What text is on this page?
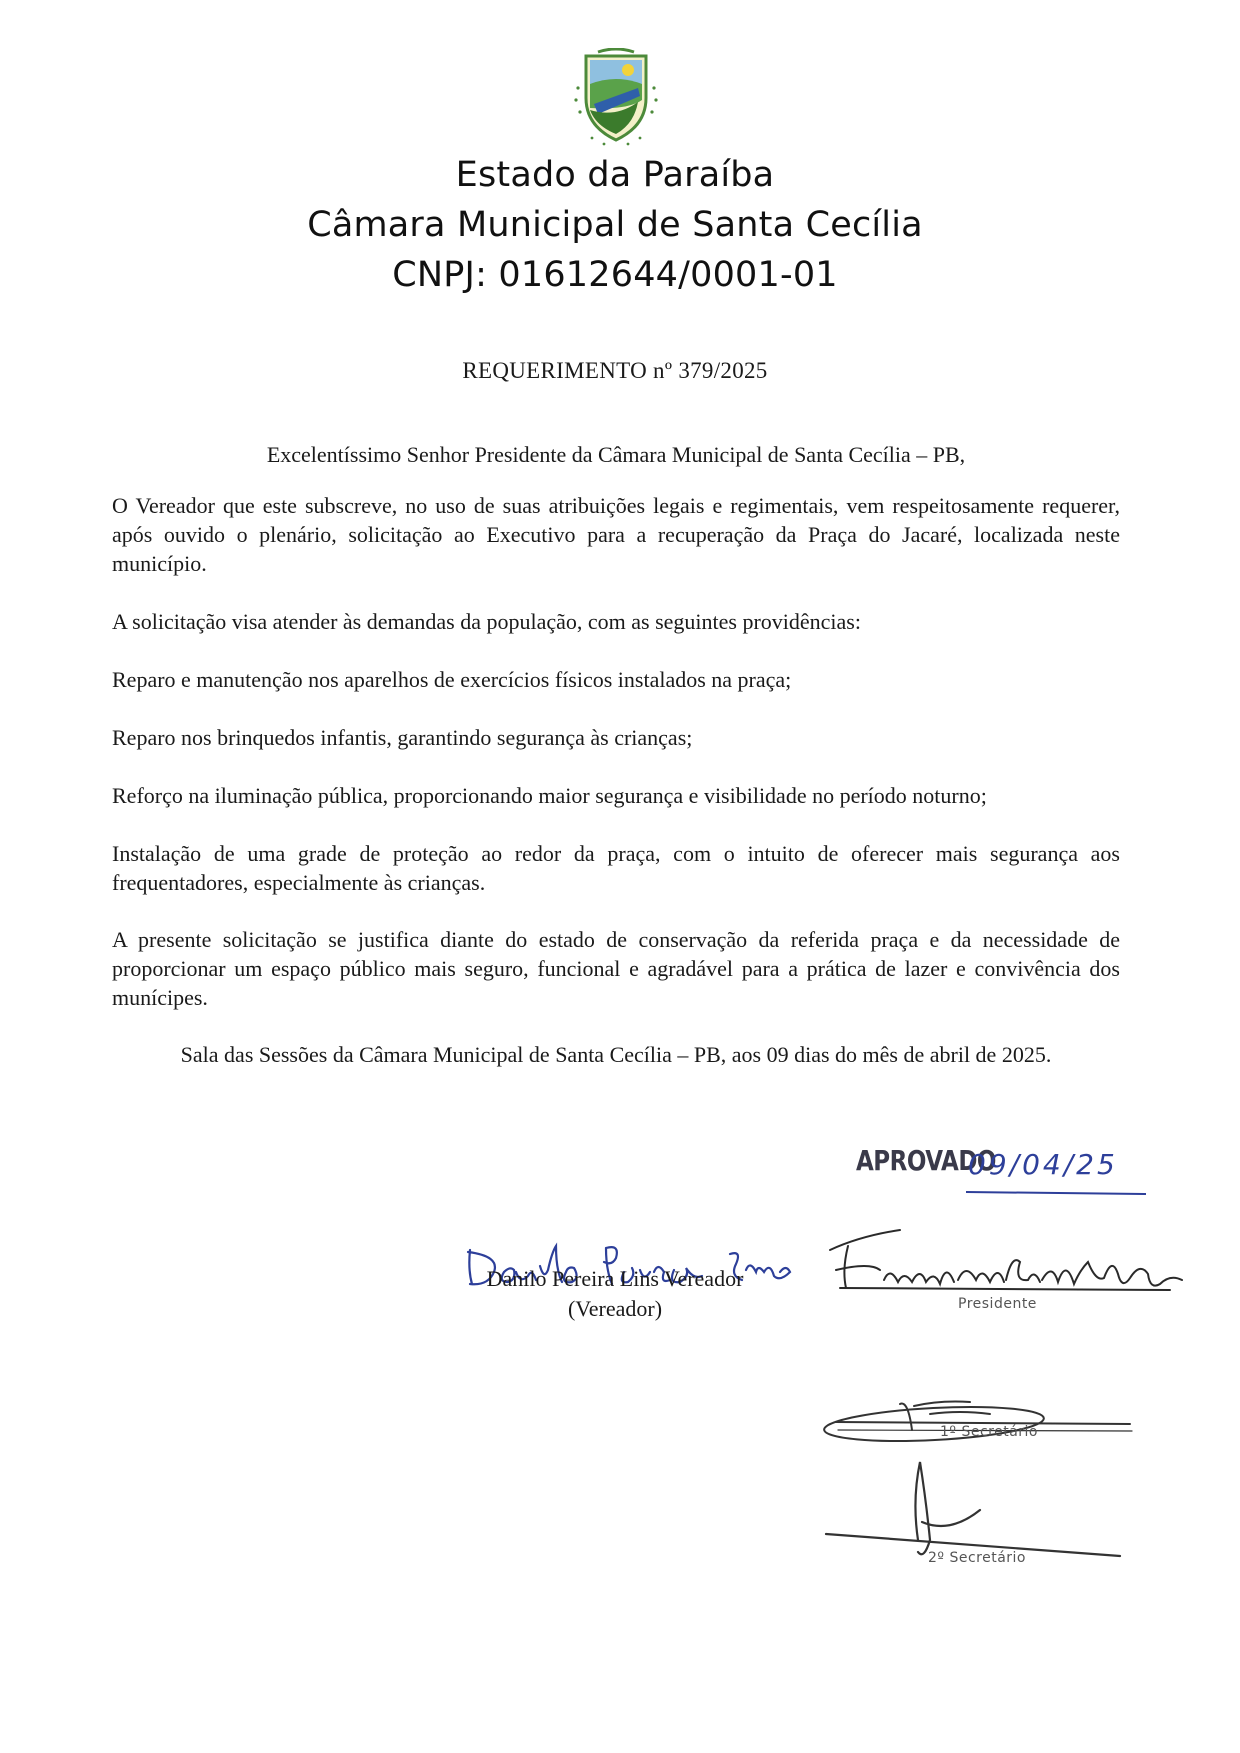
Estado da Paraíba
Câmara Municipal de Santa Cecília
CNPJ: 01612644/0001-01
REQUERIMENTO nº 379/2025
Excelentíssimo Senhor Presidente da Câmara Municipal de Santa Cecília – PB,

O Vereador que este subscreve, no uso de suas atribuições legais e regimentais, vem respeitosamente requerer, após ouvido o plenário, solicitação ao Executivo para a recuperação da Praça do Jacaré, localizada neste município.

A solicitação visa atender às demandas da população, com as seguintes providências:

Reparo e manutenção nos aparelhos de exercícios físicos instalados na praça;

Reparo nos brinquedos infantis, garantindo segurança às crianças;

Reforço na iluminação pública, proporcionando maior segurança e visibilidade no período noturno;

Instalação de uma grade de proteção ao redor da praça, com o intuito de oferecer mais segurança aos frequentadores, especialmente às crianças.

A presente solicitação se justifica diante do estado de conservação da referida praça e da necessidade de proporcionar um espaço público mais seguro, funcional e agradável para a prática de lazer e convivência dos munícipes.

Sala das Sessões da Câmara Municipal de Santa Cecília – PB, aos 09 dias do mês de abril de 2025.
APROVADO
09/04/25
Danilo Pereira Lins Vereador
(Vereador)	Presidente
1º Secretário
2º Secretário
